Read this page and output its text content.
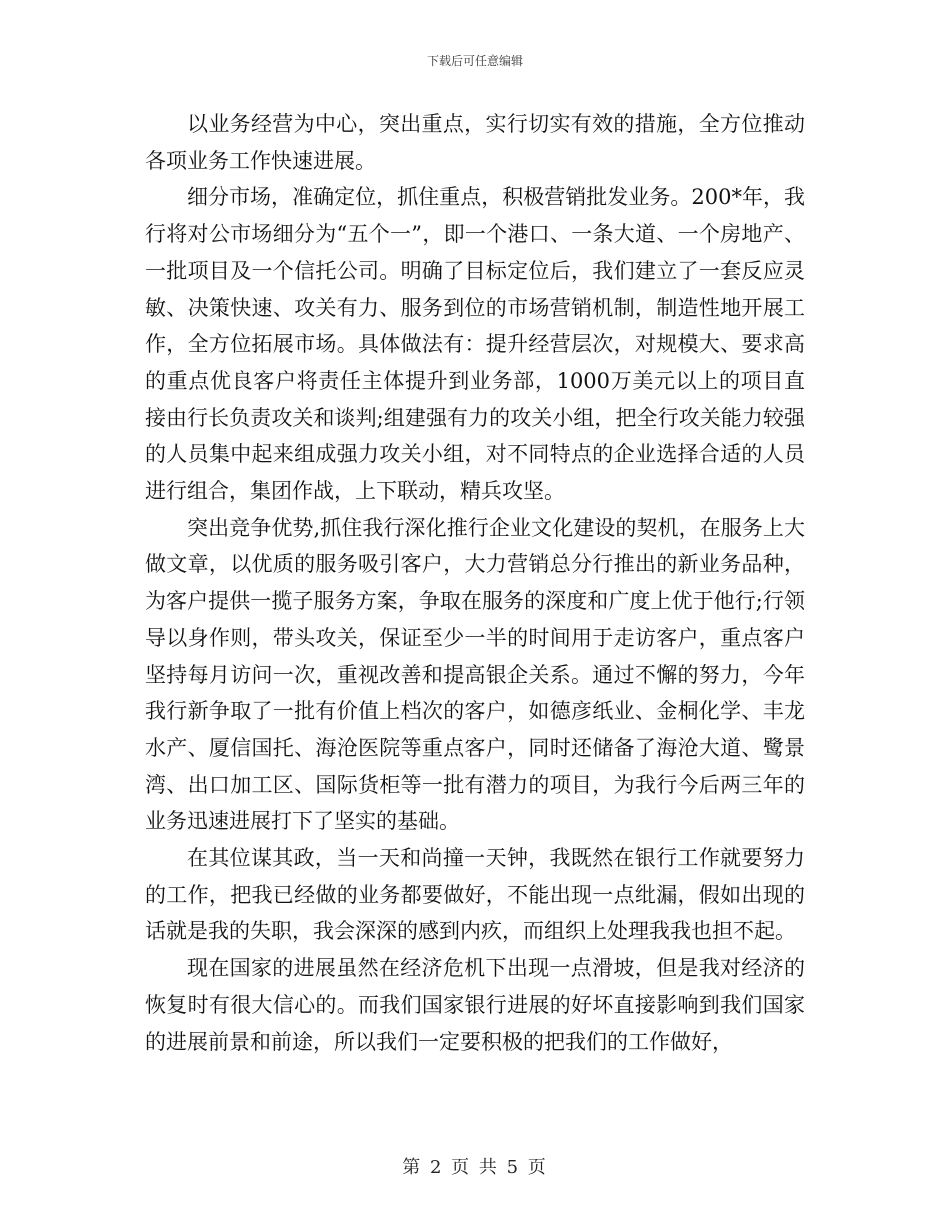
下载后可任意编辑

以业务经营为中心，突出重点，实行切实有效的措施，全方位推动各项业务工作快速进展。

细分市场，准确定位，抓住重点，积极营销批发业务。200*年，我行将对公市场细分为“五个一”，即一个港口、一条大道、一个房地产、一批项目及一个信托公司。明确了目标定位后，我们建立了一套反应灵敏、决策快速、攻关有力、服务到位的市场营销机制，制造性地开展工作，全方位拓展市场。具体做法有：提升经营层次，对规模大、要求高的重点优良客户将责任主体提升到业务部，1000万美元以上的项目直接由行长负责攻关和谈判;组建强有力的攻关小组，把全行攻关能力较强的人员集中起来组成强力攻关小组，对不同特点的企业选择合适的人员进行组合，集团作战，上下联动，精兵攻坚。

突出竞争优势,抓住我行深化推行企业文化建设的契机，在服务上大做文章，以优质的服务吸引客户，大力营销总分行推出的新业务品种，为客户提供一揽子服务方案，争取在服务的深度和广度上优于他行;行领导以身作则，带头攻关，保证至少一半的时间用于走访客户，重点客户坚持每月访问一次，重视改善和提高银企关系。通过不懈的努力，今年我行新争取了一批有价值上档次的客户，如德彦纸业、金桐化学、丰龙水产、厦信国托、海沧医院等重点客户，同时还储备了海沧大道、鹭景湾、出口加工区、国际货柜等一批有潜力的项目，为我行今后两三年的业务迅速进展打下了坚实的基础。

在其位谋其政，当一天和尚撞一天钟，我既然在银行工作就要努力的工作，把我已经做的业务都要做好，不能出现一点纰漏，假如出现的话就是我的失职，我会深深的感到内疚，而组织上处理我我也担不起。

现在国家的进展虽然在经济危机下出现一点滑坡，但是我对经济的恢复时有很大信心的。而我们国家银行进展的好坏直接影响到我们国家的进展前景和前途，所以我们一定要积极的把我们的工作做好，

第 2 页 共 5 页
